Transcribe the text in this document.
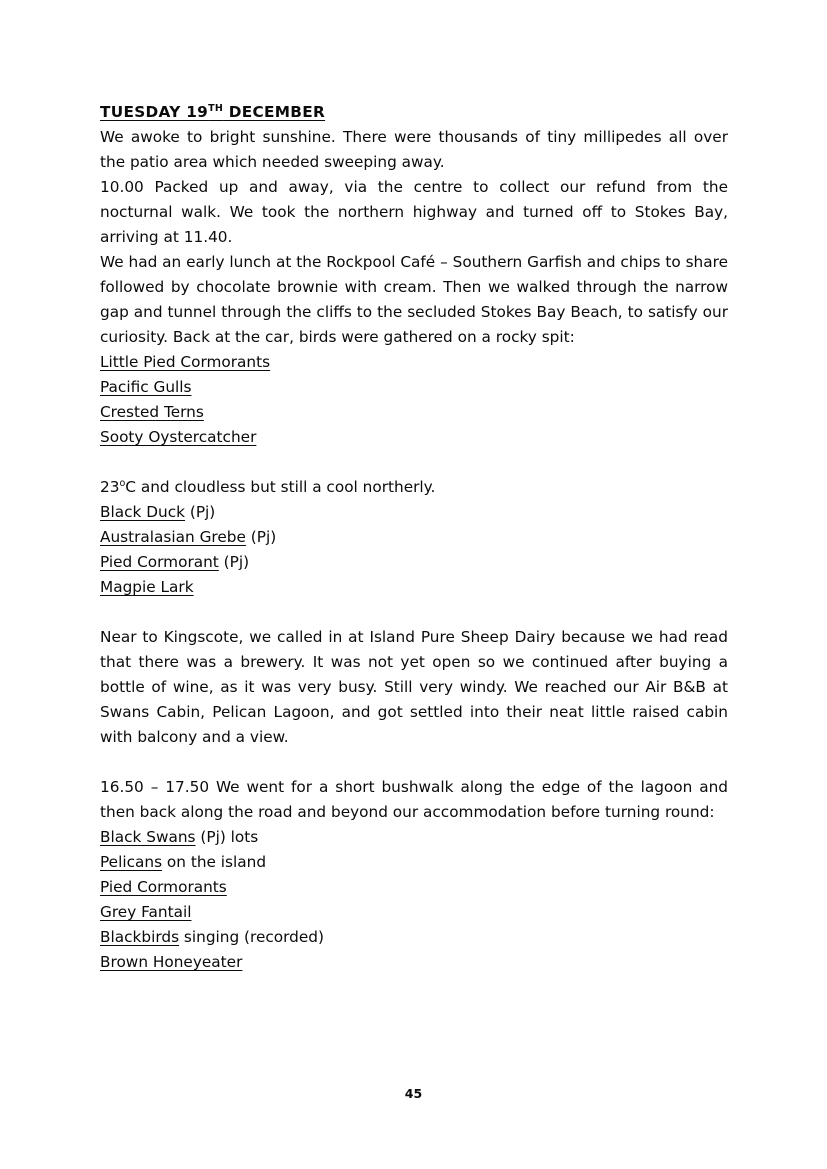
TUESDAY 19TH DECEMBER

We awoke to bright sunshine. There were thousands of tiny millipedes all over the patio area which needed sweeping away.

10.00 Packed up and away, via the centre to collect our refund from the nocturnal walk. We took the northern highway and turned off to Stokes Bay, arriving at 11.40.

We had an early lunch at the Rockpool Café – Southern Garfish and chips to share followed by chocolate brownie with cream. Then we walked through the narrow gap and tunnel through the cliffs to the secluded Stokes Bay Beach, to satisfy our curiosity. Back at the car, birds were gathered on a rocky spit:

Little Pied Cormorants
Pacific Gulls
Crested Terns
Sooty Oystercatcher

23$^o$C and cloudless but still a cool northerly.

Black Duck (Pj)
Australasian Grebe (Pj)
Pied Cormorant (Pj)
Magpie Lark

Near to Kingscote, we called in at Island Pure Sheep Dairy because we had read that there was a brewery. It was not yet open so we continued after buying a bottle of wine, as it was very busy. Still very windy. We reached our Air B&B at Swans Cabin, Pelican Lagoon, and got settled into their neat little raised cabin with balcony and a view.

16.50 – 17.50 We went for a short bushwalk along the edge of the lagoon and then back along the road and beyond our accommodation before turning round:

Black Swans (Pj) lots
Pelicans on the island
Pied Cormorants
Grey Fantail
Blackbirds singing (recorded)
Brown Honeyeater
45
